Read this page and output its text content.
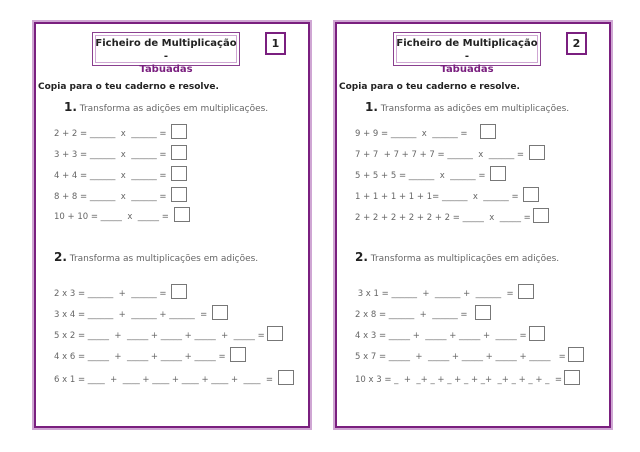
Ficheiro de Multiplicação -
Tabuadas
1
Copia para o teu caderno e resolve.
1. Transforma as adições em multiplicações.
2 + 2 = ______  x  ______ =
3 + 3 = ______  x  ______ =
4 + 4 = ______  x  ______ =
8 + 8 = ______  x  ______ =
10 + 10 = _____  x  _____ =
2. Transforma as multiplicações em adições.
2 x 3 = ______  +  ______ =
3 x 4 = ______  +  ______ + ______  =
5 x 2 = _____  +  _____ + _____ + _____  +  _____ =
4 x 6 = _____  +  _____ + _____ + _____ =
6 x 1 = ____  +  ____ + ____ + ____ + ____ +  ____  =
Ficheiro de Multiplicação -
Tabuadas
2
Copia para o teu caderno e resolve.
1. Transforma as adições em multiplicações.
9 + 9 = ______  x  ______ =
7 + 7  + 7 + 7 + 7 = ______  x  ______ =
5 + 5 + 5 = ______  x  ______ =
1 + 1 + 1 + 1 + 1= ______  x  ______ =
2 + 2 + 2 + 2 + 2 + 2 = _____  x  _____ =
2. Transforma as multiplicações em adições.
3 x 1 = ______  +  ______ +  ______  =
2 x 8 = ______  +  ______ =
4 x 3 = _____ +  _____ + _____ +  _____ =
5 x 7 = _____  +  _____ + _____ + _____ + _____   =
10 x 3 = _  +  _+ _ + _ + _ + _+  _+ _ + _ + _  =
